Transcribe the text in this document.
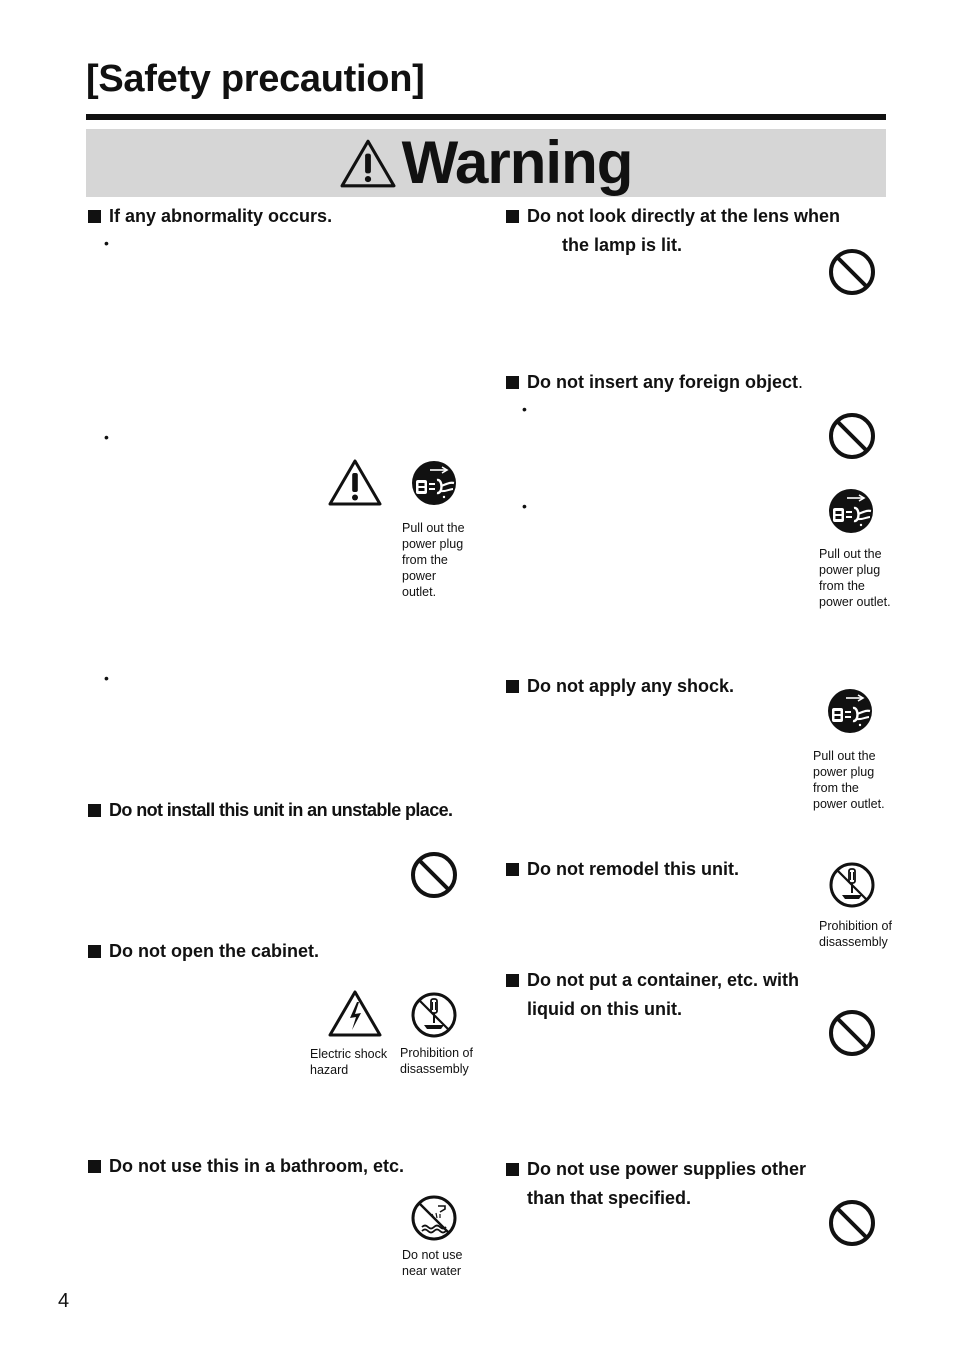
[Safety precaution]
Warning
If any abnormality occurs.
•
•
•
Pull out the power plug from the power outlet.
Do not install this unit in an unstable place.
Do not open the cabinet.
Electric shock hazard
Prohibition of disassembly
Do not use this in a bathroom, etc.
Do not use near water
Do not look directly at the lens when
the lamp is lit.
Do not insert any foreign object.
•
•
Pull out the power plug from the power outlet.
Do not apply any shock.
Pull out the power plug from the power outlet.
Do not remodel this unit.
Prohibition of disassembly
Do not put a container, etc. with
liquid on this unit.
Do not use power supplies other
than that specified.
4
